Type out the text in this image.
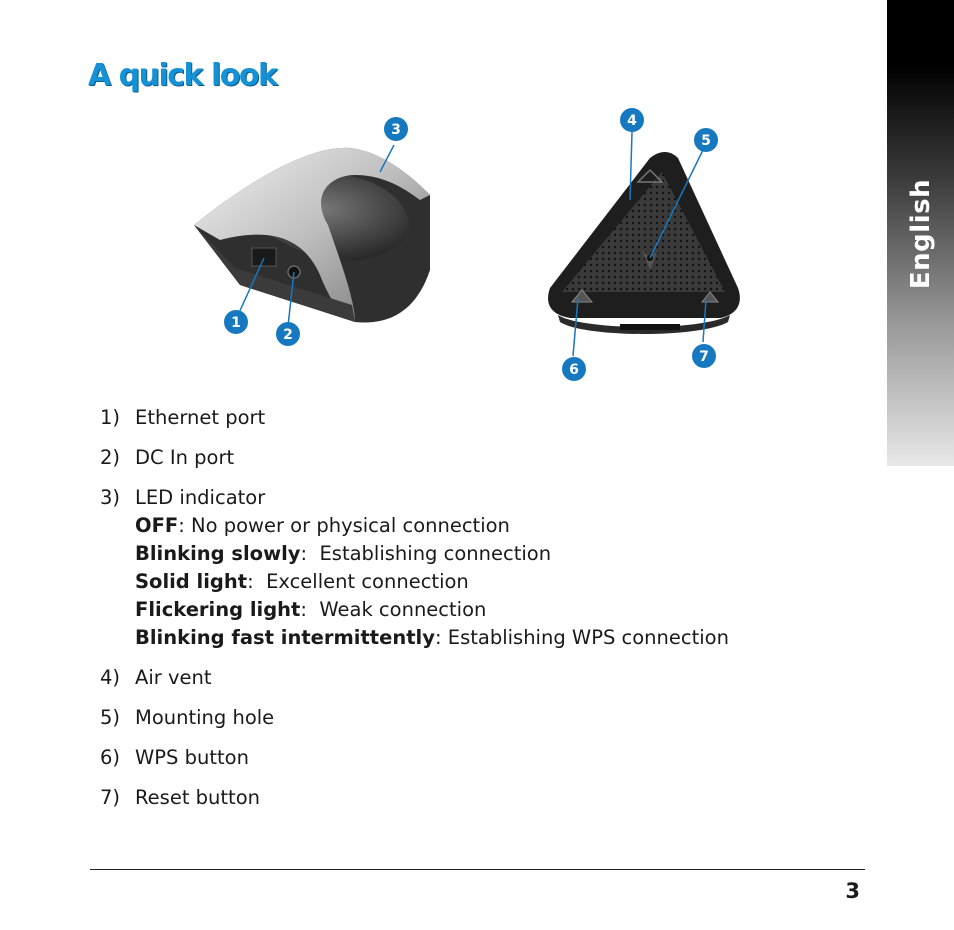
English
A quick look
1
2
3
4
5
6
7
1) Ethernet port
2) DC In port
3) LED indicator
OFF: No power or physical connection
Blinking slowly:  Establishing connection
Solid light:  Excellent connection
Flickering light:  Weak connection
Blinking fast intermittently: Establishing WPS connection
4) Air vent
5) Mounting hole
6) WPS button
7) Reset button
3
